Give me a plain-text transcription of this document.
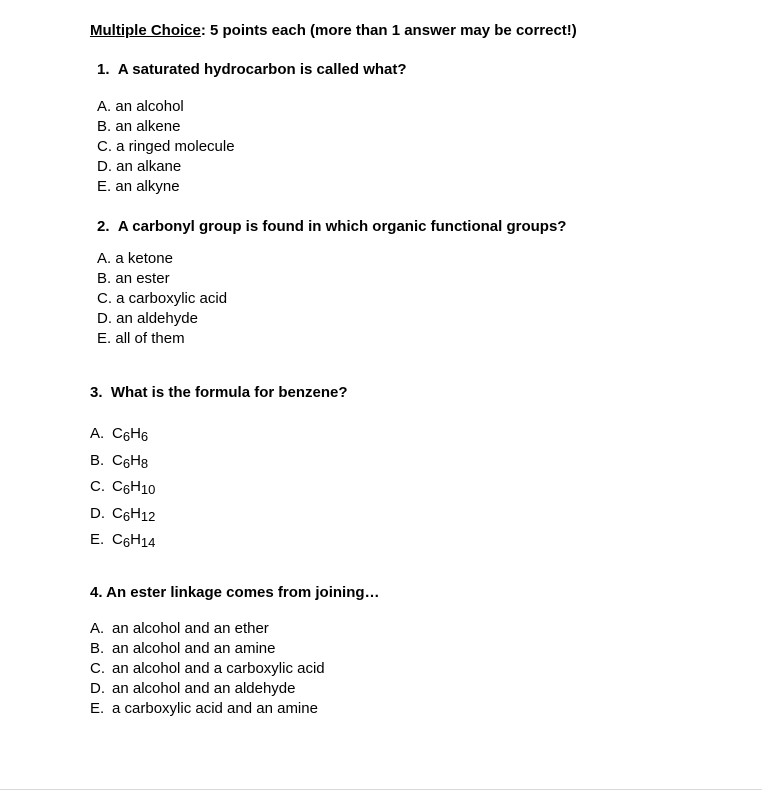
Multiple Choice: 5 points each (more than 1 answer may be correct!)
1. A saturated hydrocarbon is called what?
A. an alcohol
B. an alkene
C. a ringed molecule
D. an alkane
E. an alkyne
2. A carbonyl group is found in which organic functional groups?
A. a ketone
B. an ester
C. a carboxylic acid
D. an aldehyde
E. all of them
3. What is the formula for benzene?
A. C6H6
B. C6H8
C. C6H10
D. C6H12
E. C6H14
4. An ester linkage comes from joining…
A. an alcohol and an ether
B. an alcohol and an amine
C. an alcohol and a carboxylic acid
D. an alcohol and an aldehyde
E. a carboxylic acid and an amine
